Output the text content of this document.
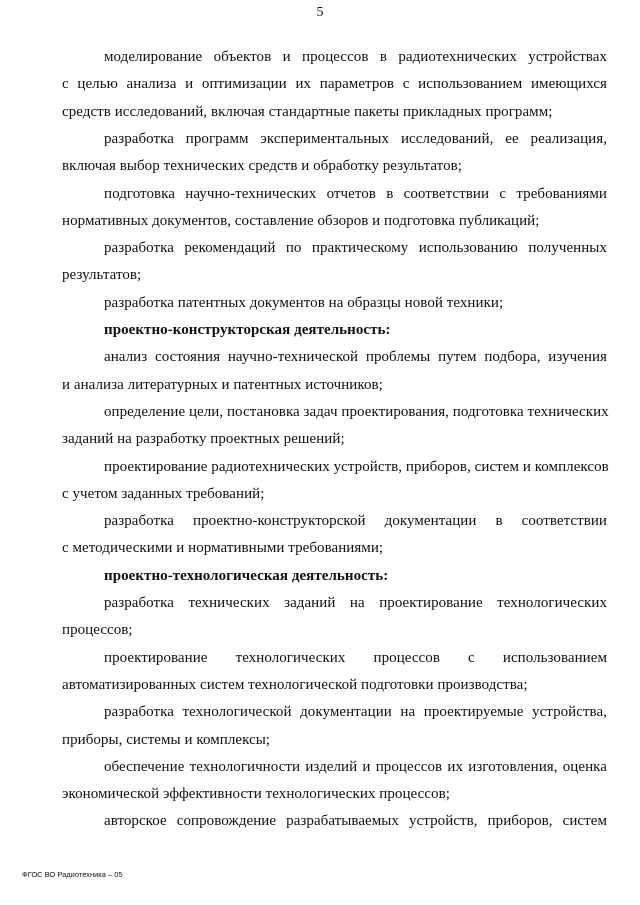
5
моделирование объектов и процессов в радиотехнических устройствах
с целью анализа и оптимизации их параметров с использованием имеющихся
средств исследований, включая стандартные пакеты прикладных программ;
разработка программ экспериментальных исследований, ее реализация,
включая выбор технических средств и обработку результатов;
подготовка научно-технических отчетов в соответствии с требованиями
нормативных документов, составление обзоров и подготовка публикаций;
разработка рекомендаций по практическому использованию полученных
результатов;
разработка патентных документов на образцы новой техники;
проектно-конструкторская деятельность:
анализ состояния научно-технической проблемы путем подбора, изучения
и анализа литературных и патентных источников;
определение цели, постановка задач проектирования, подготовка технических
заданий на разработку проектных решений;
проектирование радиотехнических устройств, приборов, систем и комплексов
с учетом заданных требований;
разработка проектно-конструкторской документации в соответствии
с методическими и нормативными требованиями;
проектно-технологическая деятельность:
разработка технических заданий на проектирование технологических
процессов;
проектирование технологических процессов с использованием
автоматизированных систем технологической подготовки производства;
разработка технологической документации на проектируемые устройства,
приборы, системы и комплексы;
обеспечение технологичности изделий и процессов их изготовления, оценка
экономической эффективности технологических процессов;
авторское сопровождение разрабатываемых устройств, приборов, систем
ФГОС ВО Радиотехника – 05
